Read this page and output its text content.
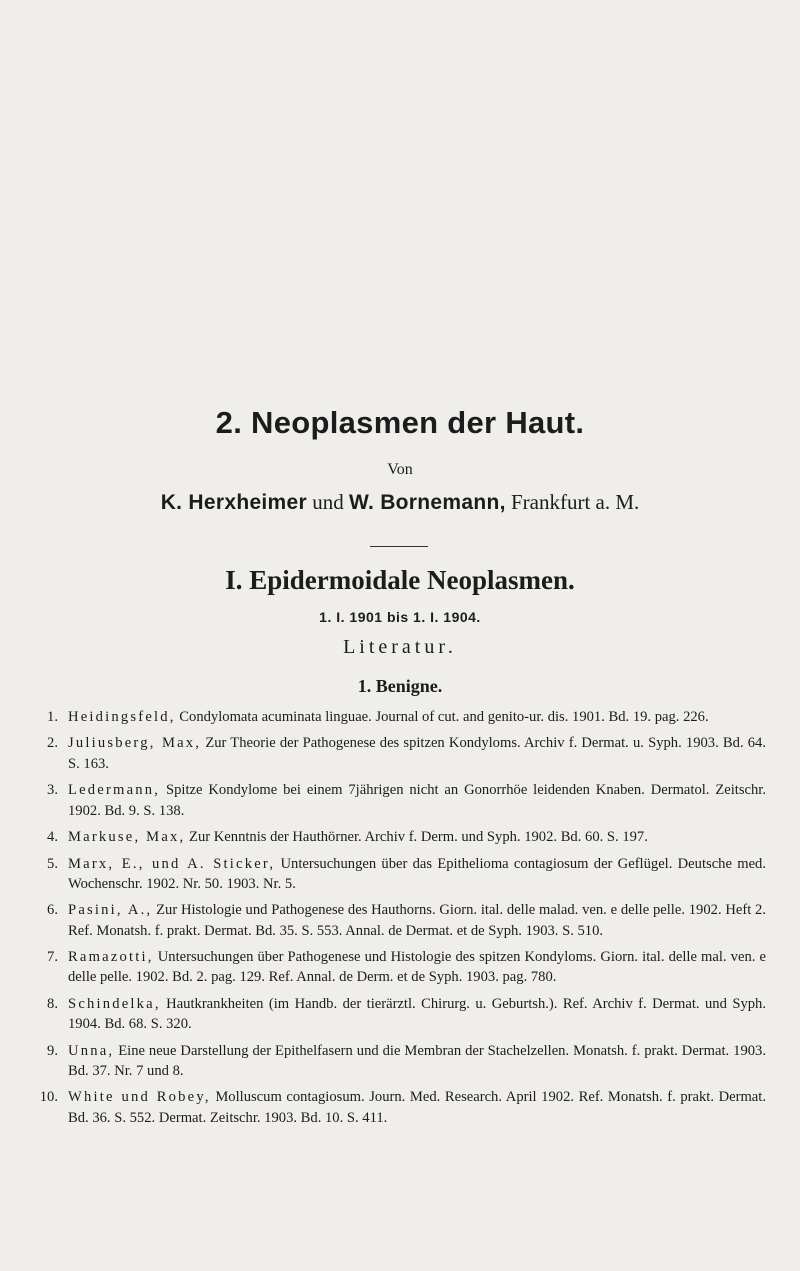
2. Neoplasmen der Haut.
Von
K. Herxheimer und W. Bornemann, Frankfurt a. M.
I. Epidermoidale Neoplasmen.
1. I. 1901 bis 1. I. 1904.
Literatur.
1. Benigne.
1. Heidingsfeld, Condylomata acuminata linguae. Journal of cut. and genito-ur. dis. 1901. Bd. 19. pag. 226.
2. Juliusberg, Max, Zur Theorie der Pathogenese des spitzen Kondyloms. Archiv f. Dermat. u. Syph. 1903. Bd. 64. S. 163.
3. Ledermann, Spitze Kondylome bei einem 7jährigen nicht an Gonorrhöe leidenden Knaben. Dermatol. Zeitschr. 1902. Bd. 9. S. 138.
4. Markuse, Max, Zur Kenntnis der Hauthörner. Archiv f. Derm. und Syph. 1902. Bd. 60. S. 197.
5. Marx, E., und A. Sticker, Untersuchungen über das Epithelioma contagiosum der Geflügel. Deutsche med. Wochenschr. 1902. Nr. 50. 1903. Nr. 5.
6. Pasini, A., Zur Histologie und Pathogenese des Hauthorns. Giorn. ital. delle malad. ven. e delle pelle. 1902. Heft 2. Ref. Monatsh. f. prakt. Dermat. Bd. 35. S. 553. Annal. de Dermat. et de Syph. 1903. S. 510.
7. Ramazotti, Untersuchungen über Pathogenese und Histologie des spitzen Kondyloms. Giorn. ital. delle mal. ven. e delle pelle. 1902. Bd. 2. pag. 129. Ref. Annal. de Derm. et de Syph. 1903. pag. 780.
8. Schindelka, Hautkrankheiten (im Handb. der tierärztl. Chirurg. u. Geburtsh.). Ref. Archiv f. Dermat. und Syph. 1904. Bd. 68. S. 320.
9. Unna, Eine neue Darstellung der Epithelfasern und die Membran der Stachelzellen. Monatsh. f. prakt. Dermat. 1903. Bd. 37. Nr. 7 und 8.
10. White und Robey, Molluscum contagiosum. Journ. Med. Research. April 1902. Ref. Monatsh. f. prakt. Dermat. Bd. 36. S. 552. Dermat. Zeitschr. 1903. Bd. 10. S. 411.
